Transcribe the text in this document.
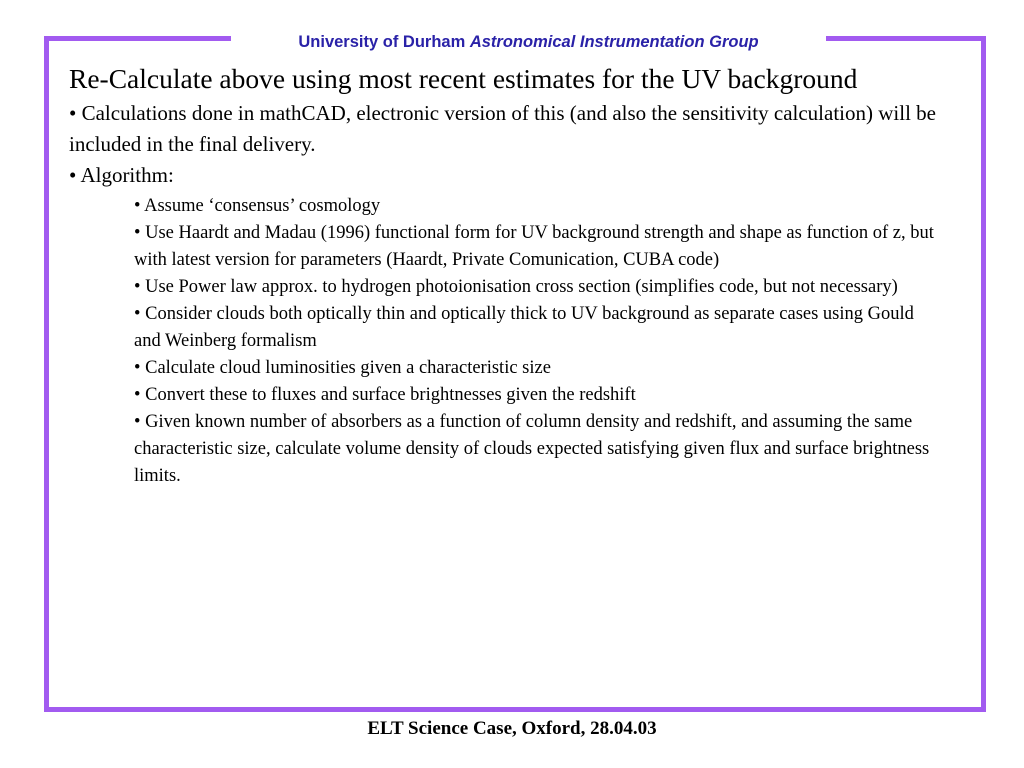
University of Durham Astronomical Instrumentation Group

Re-Calculate above using most recent estimates for the UV background

• Calculations done in mathCAD, electronic version of this (and also the sensitivity calculation) will be included in the final delivery.

• Algorithm:

• Assume ‘consensus’ cosmology

• Use Haardt and Madau (1996) functional form for UV background strength and shape as function of z, but with latest version for parameters (Haardt, Private Comunication, CUBA code)

• Use Power law approx. to hydrogen photoionisation cross section (simplifies code, but not necessary)

• Consider clouds both optically thin and optically thick to UV background as separate cases using Gould and Weinberg formalism

• Calculate cloud luminosities given a characteristic size

• Convert these to fluxes and surface brightnesses given the redshift

• Given known number of absorbers as a function of column density and redshift, and assuming the same characteristic size, calculate volume density of clouds expected satisfying given flux and surface brightness limits.

ELT Science Case, Oxford, 28.04.03
